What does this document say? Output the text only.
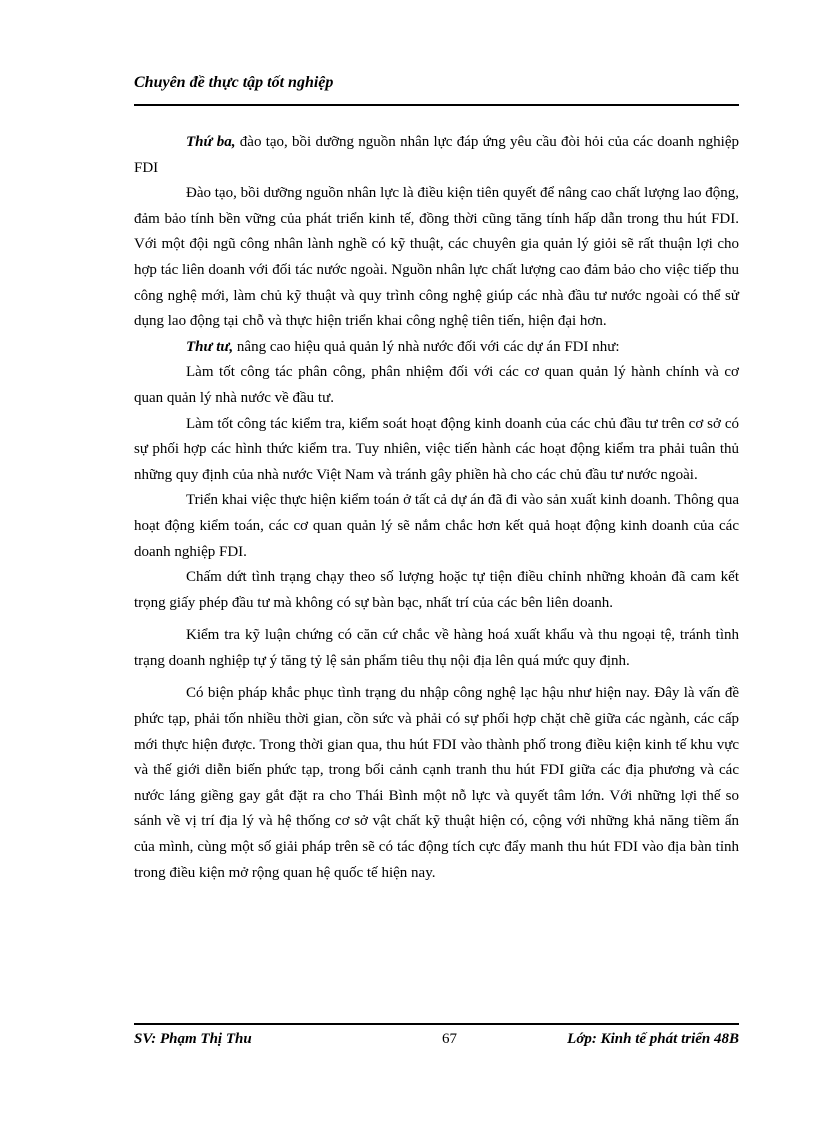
Chuyên đề thực tập tốt nghiệp

Thứ ba, đào tạo, bồi dưỡng nguồn nhân lực đáp ứng yêu cầu đòi hỏi của các doanh nghiệp FDI

Đào tạo, bồi dưỡng nguồn nhân lực là điều kiện tiên quyết để nâng cao chất lượng lao động, đảm bảo tính bền vững của phát triển kinh tế, đồng thời cũng tăng tính hấp dẫn trong thu hút FDI. Với một đội ngũ công nhân lành nghề có kỹ thuật, các chuyên gia quản lý giỏi sẽ rất thuận lợi cho hợp tác liên doanh với đối tác nước ngoài. Nguồn nhân lực chất lượng cao đảm bảo cho việc tiếp thu công nghệ mới, làm chủ kỹ thuật và quy trình công nghệ giúp các nhà đầu tư nước ngoài có thể sử dụng lao động tại chỗ và thực hiện triển khai công nghệ tiên tiến, hiện đại hơn.

Thư tư, nâng cao hiệu quả quản lý nhà nước đối với các dự án FDI như:

Làm tốt công tác phân công, phân nhiệm đối với các cơ quan quản lý hành chính và cơ quan quản lý nhà nước về đầu tư.

Làm tốt công tác kiểm tra, kiểm soát hoạt động kinh doanh của các chủ đầu tư trên cơ sở có sự phối hợp các hình thức kiểm tra. Tuy nhiên, việc tiến hành các hoạt động kiểm tra phải tuân thủ những quy định của nhà nước Việt Nam và tránh gây phiền hà cho các chủ đầu tư nước ngoài.

Triển khai việc thực hiện kiểm toán ở tất cả dự án đã đi vào sản xuất kinh doanh. Thông qua hoạt động kiểm toán, các cơ quan quản lý sẽ nắm chắc hơn kết quả hoạt động kinh doanh của các doanh nghiệp FDI.

Chấm dứt tình trạng chạy theo số lượng hoặc tự tiện điều chỉnh những khoản đã cam kết trọng giấy phép đầu tư mà không có sự bàn bạc, nhất trí của các bên liên doanh.

Kiểm tra kỹ luận chứng có căn cứ chắc về hàng hoá xuất khẩu và thu ngoại tệ, tránh tình trạng doanh nghiệp tự ý tăng tỷ lệ sản phẩm tiêu thụ nội địa lên quá mức quy định.

Có biện pháp khắc phục tình trạng du nhập công nghệ lạc hậu như hiện nay. Đây là vấn đề phức tạp, phải tốn nhiều thời gian, cồn sức và phải có sự phối hợp chặt chẽ giữa các ngành, các cấp mới thực hiện được. Trong thời gian qua, thu hút FDI vào thành phố trong điều kiện kinh tế khu vực và thế giới diễn biến phức tạp, trong bối cảnh cạnh tranh thu hút FDI giữa các địa phương và các nước láng giềng gay gắt đặt ra cho Thái Bình một nỗ lực và quyết tâm lớn. Với những lợi thế so sánh về vị trí địa lý và hệ thống cơ sở vật chất kỹ thuật hiện có, cộng với những khả năng tiềm ẩn của mình, cùng một số giải pháp trên sẽ có tác động tích cực đẩy manh thu hút FDI vào địa bàn tỉnh trong điều kiện mở rộng quan hệ quốc tế hiện nay.

SV: Phạm Thị Thu	67	Lớp: Kinh tế phát triển 48B
